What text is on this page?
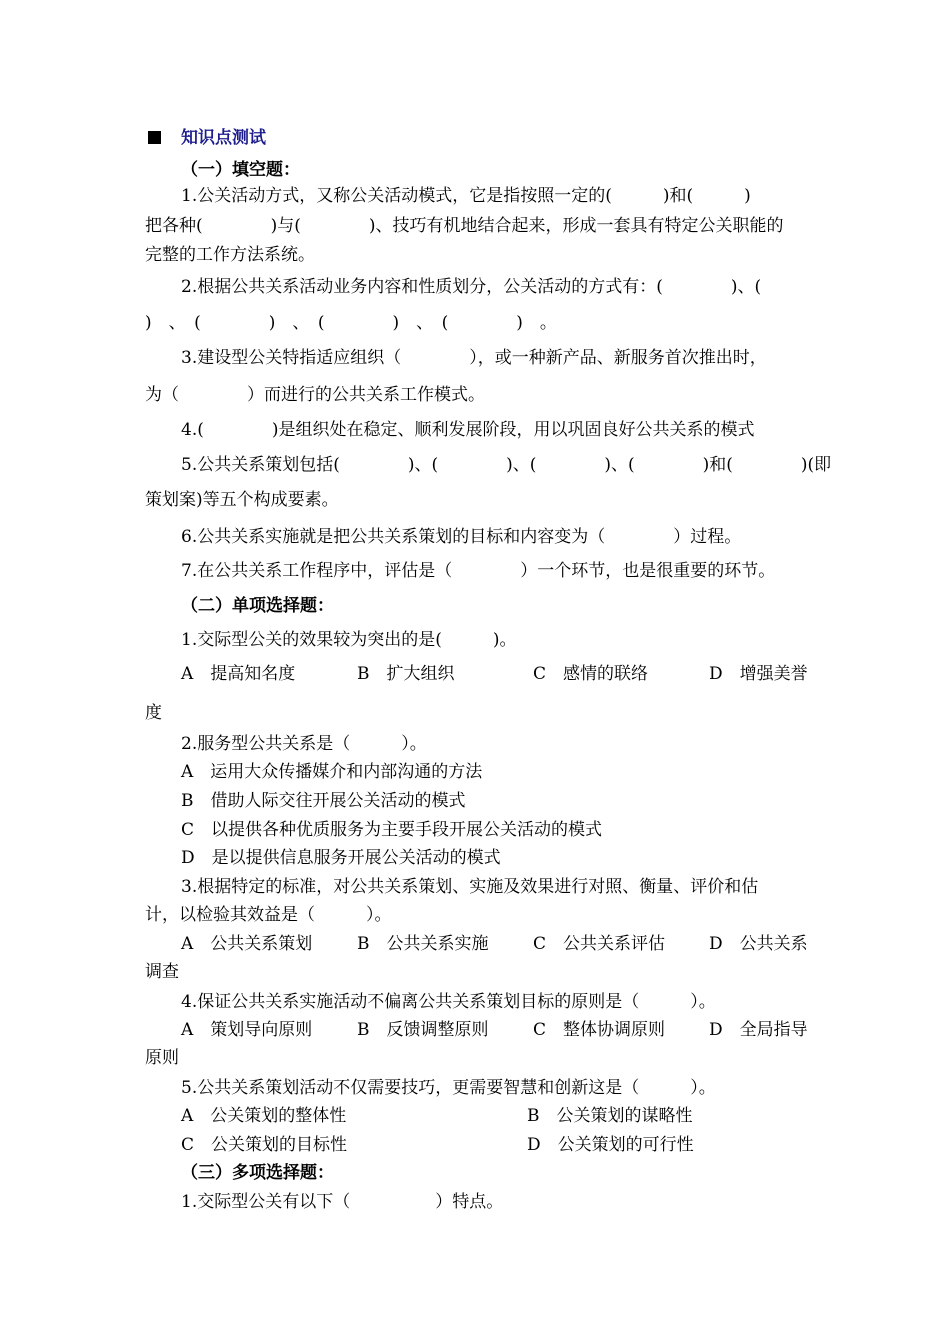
知识点测试
（一）填空题：
1.公关活动方式，又称公关活动模式，它是指按照一定的(　　　)和(　　　)
把各种(　　　　)与(　　　　)、技巧有机地结合起来，形成一套具有特定公关职能的
完整的工作方法系统。
2.根据公共关系活动业务内容和性质划分，公关活动的方式有：(　　　　)、(
)　、　(　　　　)　、　(　　　　)　、　(　　　　)　。
3.建设型公关特指适应组织（　　　　），或一种新产品、新服务首次推出时，
为（　　　　）而进行的公共关系工作模式。
4.(　　　　)是组织处在稳定、顺利发展阶段，用以巩固良好公共关系的模式
5.公共关系策划包括(　　　　)、(　　　　)、(　　　　)、(　　　　)和(　　　　)(即
策划案)等五个构成要素。
6.公共关系实施就是把公共关系策划的目标和内容变为（　　　　）过程。
7.在公共关系工作程序中，评估是（　　　　）一个环节，也是很重要的环节。
（二）单项选择题：
1.交际型公关的效果较为突出的是(　　　)。
A　提高知名度	B　扩大组织	C　感情的联络	D　增强美誉
度
2.服务型公共关系是（　　　）。
A　运用大众传播媒介和内部沟通的方法
B　借助人际交往开展公关活动的模式
C　以提供各种优质服务为主要手段开展公关活动的模式
D　是以提供信息服务开展公关活动的模式
3.根据特定的标准，对公共关系策划、实施及效果进行对照、衡量、评价和估
计，以检验其效益是（　　　）。
A　公共关系策划	B　公共关系实施	C　公共关系评估	D　公共关系
调查
4.保证公共关系实施活动不偏离公共关系策划目标的原则是（　　　）。
A　策划导向原则	B　反馈调整原则	C　整体协调原则	D　全局指导
原则
5.公共关系策划活动不仅需要技巧，更需要智慧和创新这是（　　　）。
A　公关策划的整体性	B　公关策划的谋略性
C　公关策划的目标性	D　公关策划的可行性
（三）多项选择题：
1.交际型公关有以下（　　　　　）特点。
